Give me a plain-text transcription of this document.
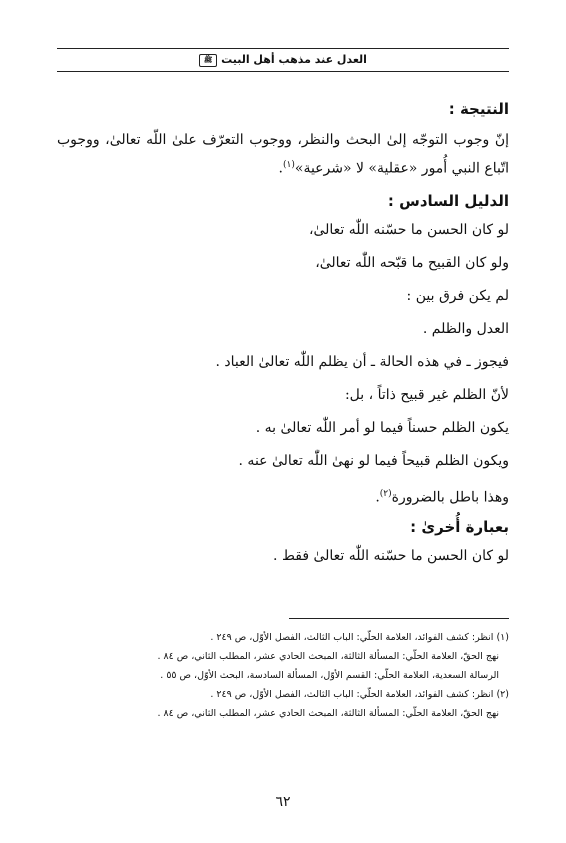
العدل عند مذهب أهل البيت
ﷺ

النتيجة :

إنّ وجوب التوجّه إلىٰ البحث والنظر، ووجوب التعرّف علىٰ اللّه تعالىٰ، ووجوب اتّباع النبي أُمور «عقلية» لا «شرعية»$^{(١)}$.

الدليل السادس :

لو كان الحسن ما حسّنه اللّٰه تعالىٰ،

ولو كان القبيح ما قبّحه اللّٰه تعالىٰ،

لم يكن فرق بين :

العدل والظلم .

فيجوز ـ في هذه الحالة ـ أن يظلم اللّٰه تعالىٰ العباد .

لأنّ الظلم غير قبيح ذاتاً ، بل:

يكون الظلم حسناً فيما لو أمر اللّٰه تعالىٰ به .

ويكون الظلم قبيحاً فيما لو نهىٰ اللّٰه تعالىٰ عنه .

وهذا باطل بالضرورة$^{(٢)}$.

بعبارة أُخرىٰ :

لو كان الحسن ما حسّنه اللّٰه تعالىٰ فقط .

(١) انظر: كشف الفوائد، العلامة الحلّي: الباب الثالث، الفصل الأوّل، ص ٢٤٩ .

نهج الحقّ، العلامة الحلّي: المسألة الثالثة، المبحث الحادي عشر، المطلب الثاني، ص ٨٤ .

الرسالة السعدية، العلامة الحلّي: القسم الأوّل، المسألة السادسة، البحث الأوّل، ص ٥٥ .

(٢) انظر: كشف الفوائد، العلامة الحلّي: الباب الثالث، الفصل الأوّل، ص ٢٤٩ .

نهج الحقّ، العلامة الحلّي: المسألة الثالثة، المبحث الحادي عشر، المطلب الثاني، ص ٨٤ .

٦٢
